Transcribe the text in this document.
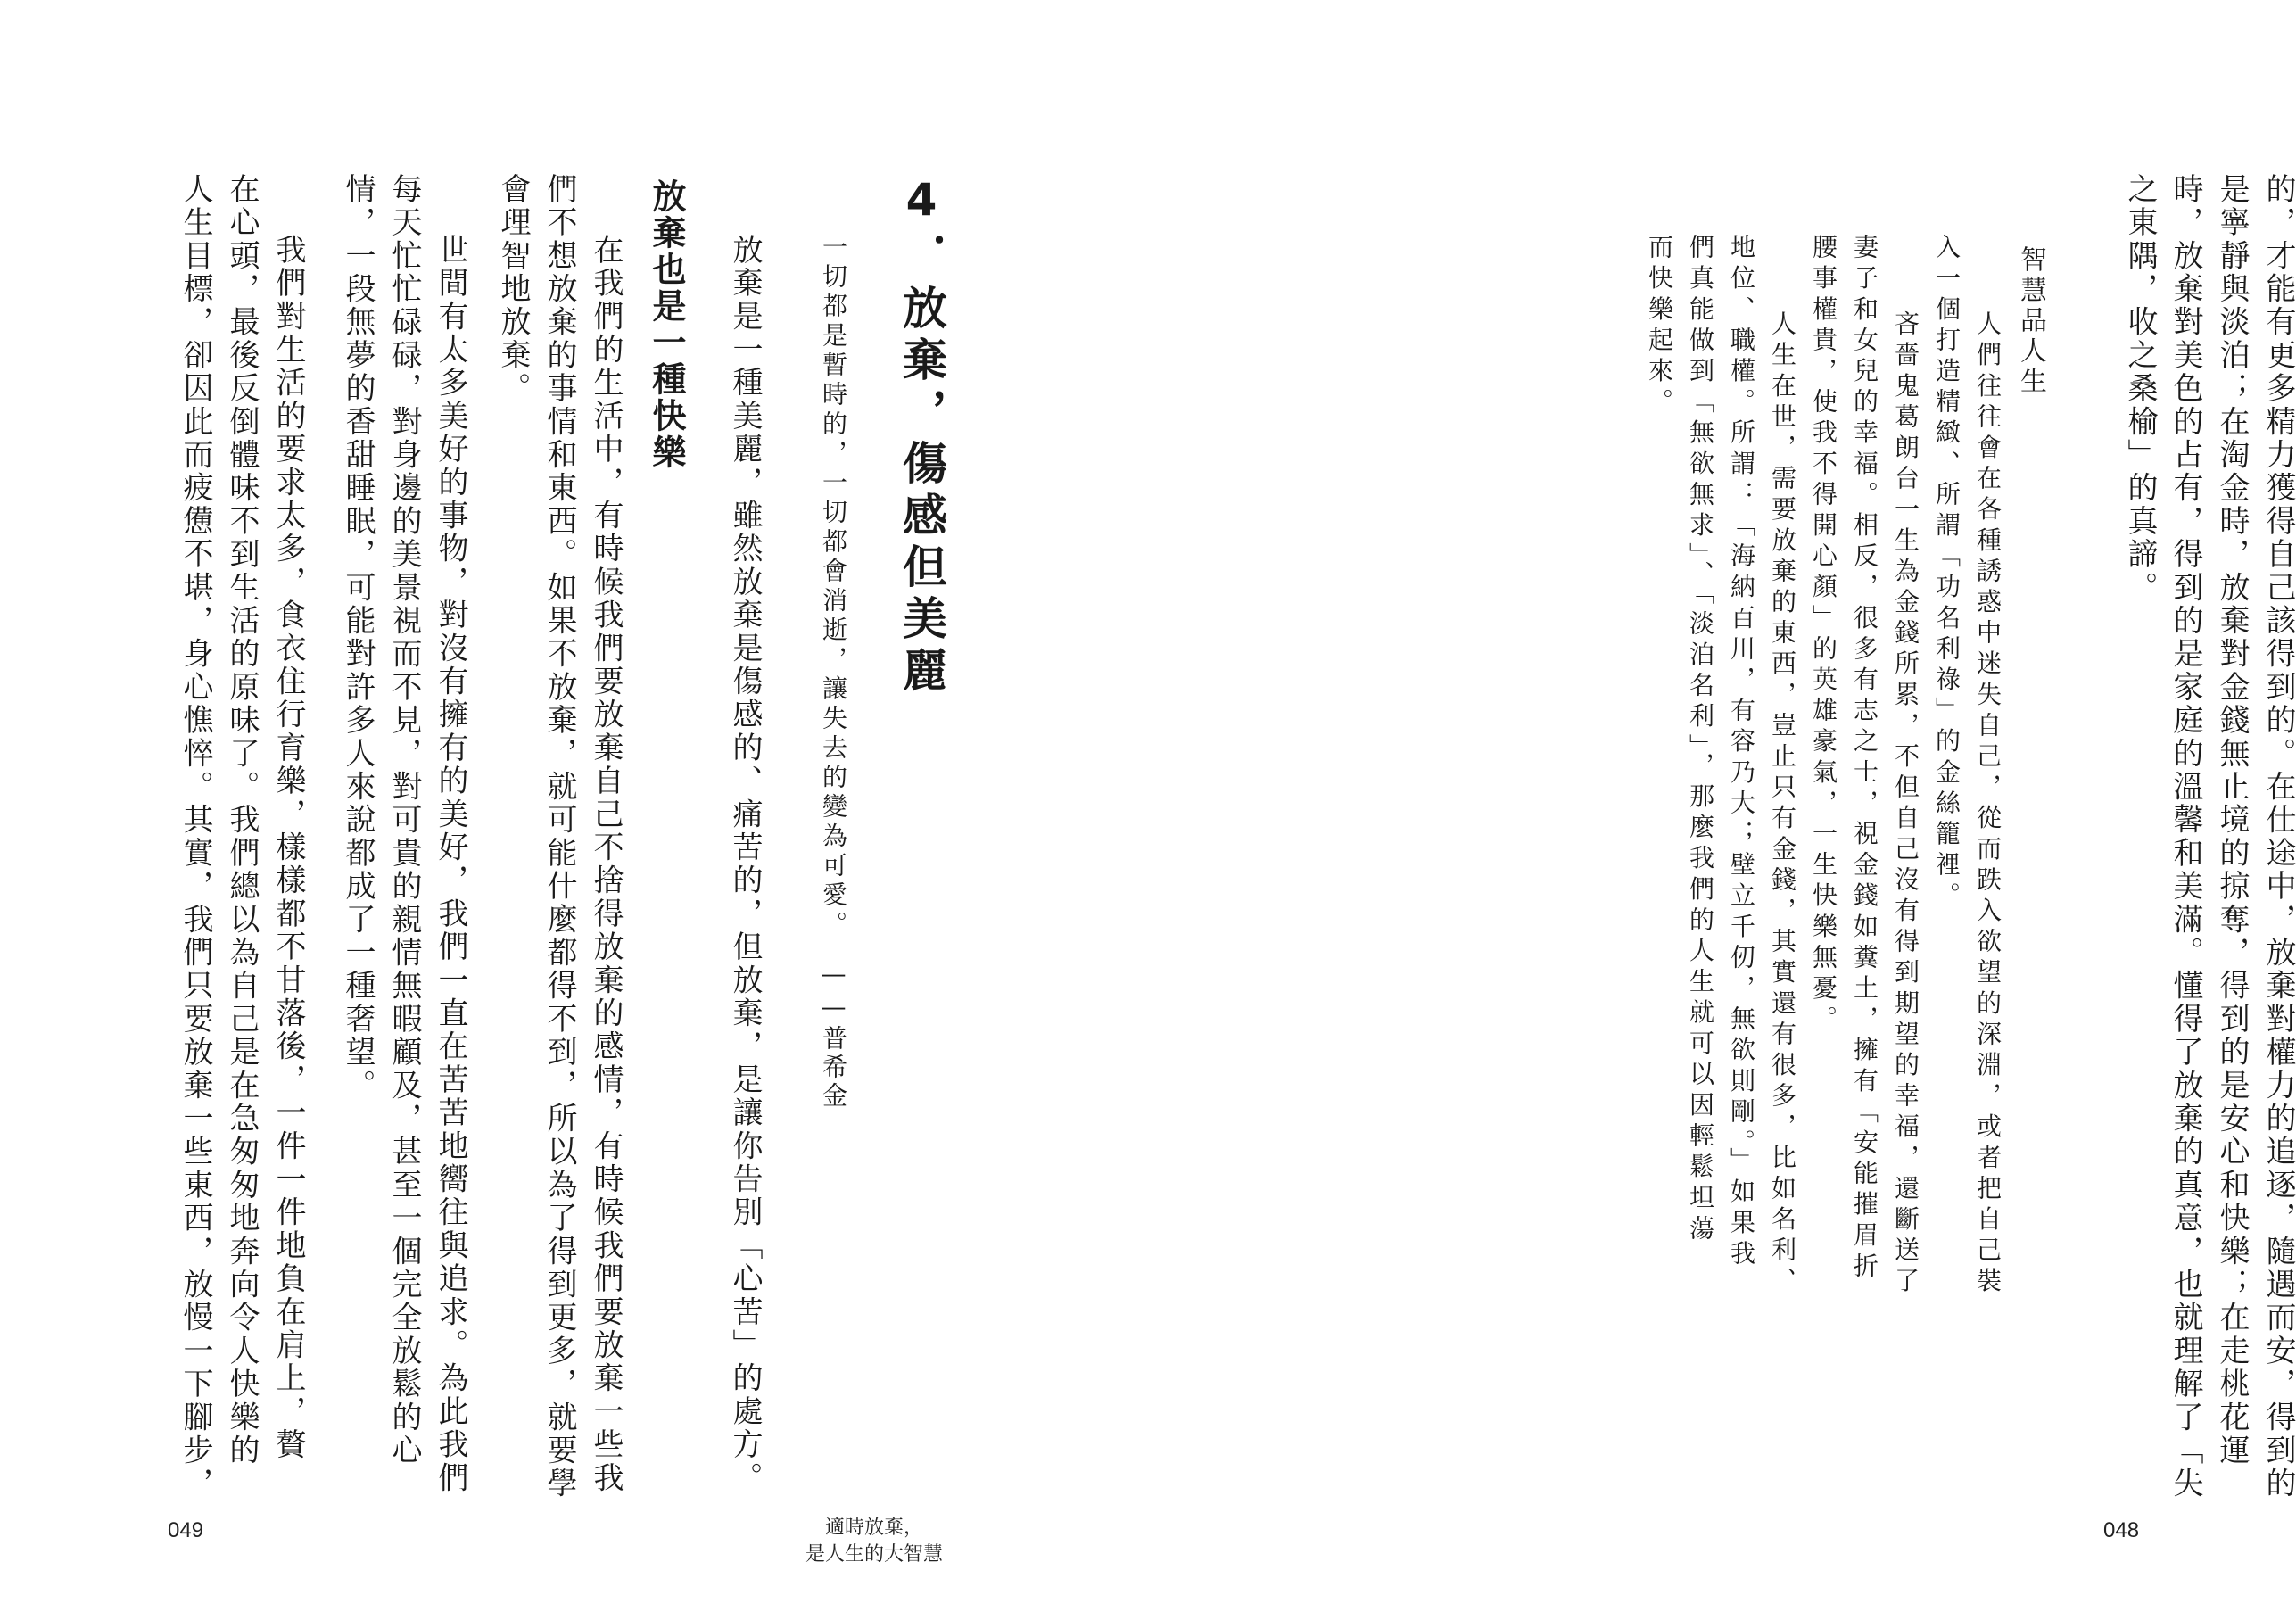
之東隅，收之桑榆」的真諦。 時，放棄對美色的占有，得到的是家庭的溫馨和美滿。懂得了放棄的真意，也就理解了「失 是寧靜與淡泊；在淘金時，放棄對金錢無止境的掠奪，得到的是安心和快樂；在走桃花運 的，才能有更多精力獲得自己該得到的。在仕途中，放棄對權力的追逐，隨遇而安，得到的
智慧品人生
人們往往會在各種誘惑中迷失自己，從而跌入欲望的深淵，或者把自己裝
入一個打造精緻、所謂「功名利祿」的金絲籠裡。
吝嗇鬼葛朗台一生為金錢所累，不但自己沒有得到期望的幸福，還斷送了
妻子和女兒的幸福。相反，很多有志之士，視金錢如糞土，擁有「安能摧眉折
腰事權貴，使我不得開心顏」的英雄豪氣，一生快樂無憂。
人生在世，需要放棄的東西，豈止只有金錢，其實還有很多，比如名利、
地位、職權。所謂：「海納百川，有容乃大；壁立千仞，無欲則剛。」如果我
們真能做到「無欲無求」、「淡泊名利」，那麼我們的人生就可以因輕鬆坦蕩
而快樂起來。
048
4．放棄，傷感但美麗
一切都是暫時的，一切都會消逝，讓失去的變為可愛。
——普希金
放棄是一種美麗，雖然放棄是傷感的、痛苦的，但放棄，是讓你告別「心苦」的處方。
放棄也是一種快樂
在我們的生活中，有時候我們要放棄自己不捨得放棄的感情，有時候我們要放棄一些我
們不想放棄的事情和東西。如果不放棄，就可能什麼都得不到，所以為了得到更多，就要學
會理智地放棄。
世間有太多美好的事物，對沒有擁有的美好，我們一直在苦苦地嚮往與追求。為此我們
每天忙忙碌碌，對身邊的美景視而不見，對可貴的親情無暇顧及，甚至一個完全放鬆的心
情，一段無夢的香甜睡眠，可能對許多人來說都成了一種奢望。
我們對生活的要求太多，食衣住行育樂，樣樣都不甘落後，一件一件地負在肩上，贅
在心頭，最後反倒體味不到生活的原味了。我們總以為自己是在急匆匆地奔向令人快樂的
人生目標，卻因此而疲憊不堪，身心憔悴。其實，我們只要放棄一些東西，放慢一下腳步，
049	適時放棄，
是人生的大智慧
